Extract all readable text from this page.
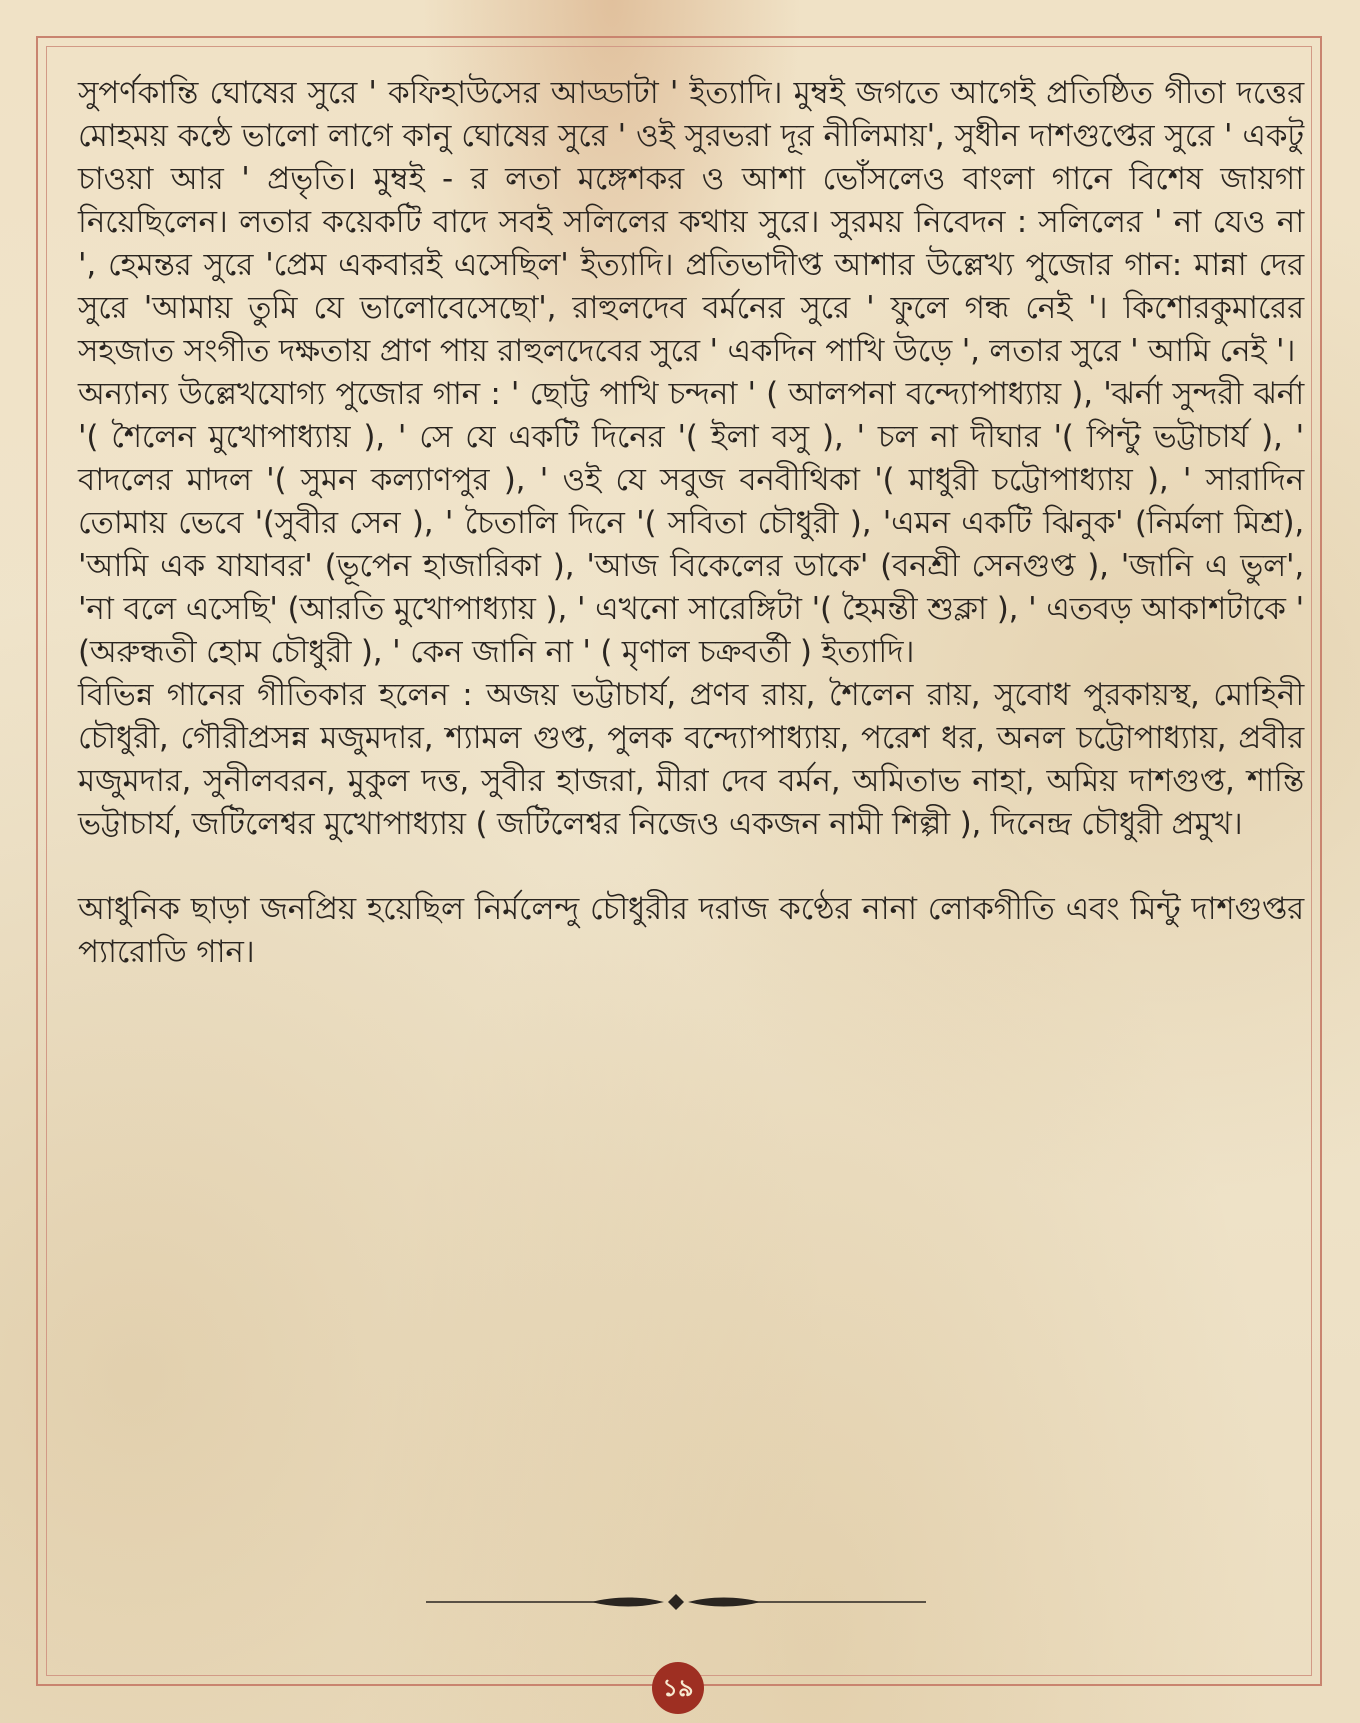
সুপর্ণকান্তি ঘোষের সুরে ' কফিহাউসের আড্ডাটা ' ইত্যাদি। মুম্বই জগতে আগেই প্রতিষ্ঠিত গীতা দত্তের মোহময় কন্ঠে ভালো লাগে কানু ঘোষের সুরে ' ওই সুরভরা দূর নীলিমায়', সুধীন দাশগুপ্তের সুরে ' একটু চাওয়া আর ' প্রভৃতি। মুম্বই - র লতা মঙ্গেশকর ও আশা ভোঁসলেও বাংলা গানে বিশেষ জায়গা নিয়েছিলেন। লতার কয়েকটি বাদে সবই সলিলের কথায় সুরে। সুরময় নিবেদন : সলিলের ' না যেও না ', হেমন্তর সুরে 'প্রেম একবারই এসেছিল' ইত্যাদি। প্রতিভাদীপ্ত আশার উল্লেখ্য পুজোর গান: মান্না দের সুরে 'আমায় তুমি যে ভালোবেসেছো', রাহুলদেব বর্মনের সুরে ' ফুলে গন্ধ নেই '। কিশোরকুমারের সহজাত সংগীত দক্ষতায় প্রাণ পায় রাহুলদেবের সুরে ' একদিন পাখি উড়ে ', লতার সুরে ' আমি নেই '।

অন্যান্য উল্লেখযোগ্য পুজোর গান : ' ছোট্ট পাখি চন্দনা ' ( আলপনা বন্দ্যোপাধ্যায় ), 'ঝর্না সুন্দরী ঝর্না '( শৈলেন মুখোপাধ্যায় ), ' সে যে একটি দিনের '( ইলা বসু ), ' চল না দীঘার '( পিন্টু ভট্টাচার্য ), ' বাদলের মাদল '( সুমন কল্যাণপুর ), ' ওই যে সবুজ বনবীথিকা '( মাধুরী চট্টোপাধ্যায় ), ' সারাদিন তোমায় ভেবে '(সুবীর সেন ), ' চৈতালি দিনে '( সবিতা চৌধুরী ), 'এমন একটি ঝিনুক' (নির্মলা মিশ্র), 'আমি এক যাযাবর' (ভূপেন হাজারিকা ), 'আজ বিকেলের ডাকে' (বনশ্রী সেনগুপ্ত ), 'জানি এ ভুল', 'না বলে এসেছি' (আরতি মুখোপাধ্যায় ), ' এখনো সারেঙ্গিটা '( হৈমন্তী শুক্লা ), ' এতবড় আকাশটাকে ' (অরুন্ধতী হোম চৌধুরী ), ' কেন জানি না ' ( মৃণাল চক্রবর্তী ) ইত্যাদি।

বিভিন্ন গানের গীতিকার হলেন : অজয় ভট্টাচার্য, প্রণব রায়, শৈলেন রায়, সুবোধ পুরকায়স্থ, মোহিনী চৌধুরী, গৌরীপ্রসন্ন মজুমদার, শ্যামল গুপ্ত, পুলক বন্দ্যোপাধ্যায়, পরেশ ধর, অনল চট্টোপাধ্যায়, প্রবীর মজুমদার, সুনীলবরন, মুকুল দত্ত, সুবীর হাজরা, মীরা দেব বর্মন, অমিতাভ নাহা, অমিয় দাশগুপ্ত, শান্তি ভট্টাচার্য, জটিলেশ্বর মুখোপাধ্যায় ( জটিলেশ্বর নিজেও একজন নামী শিল্পী ), দিনেন্দ্র চৌধুরী প্রমুখ।

আধুনিক ছাড়া জনপ্রিয় হয়েছিল নির্মলেন্দু চৌধুরীর দরাজ কণ্ঠের নানা লোকগীতি এবং মিন্টু দাশগুপ্তর প্যারোডি গান।

১৯
